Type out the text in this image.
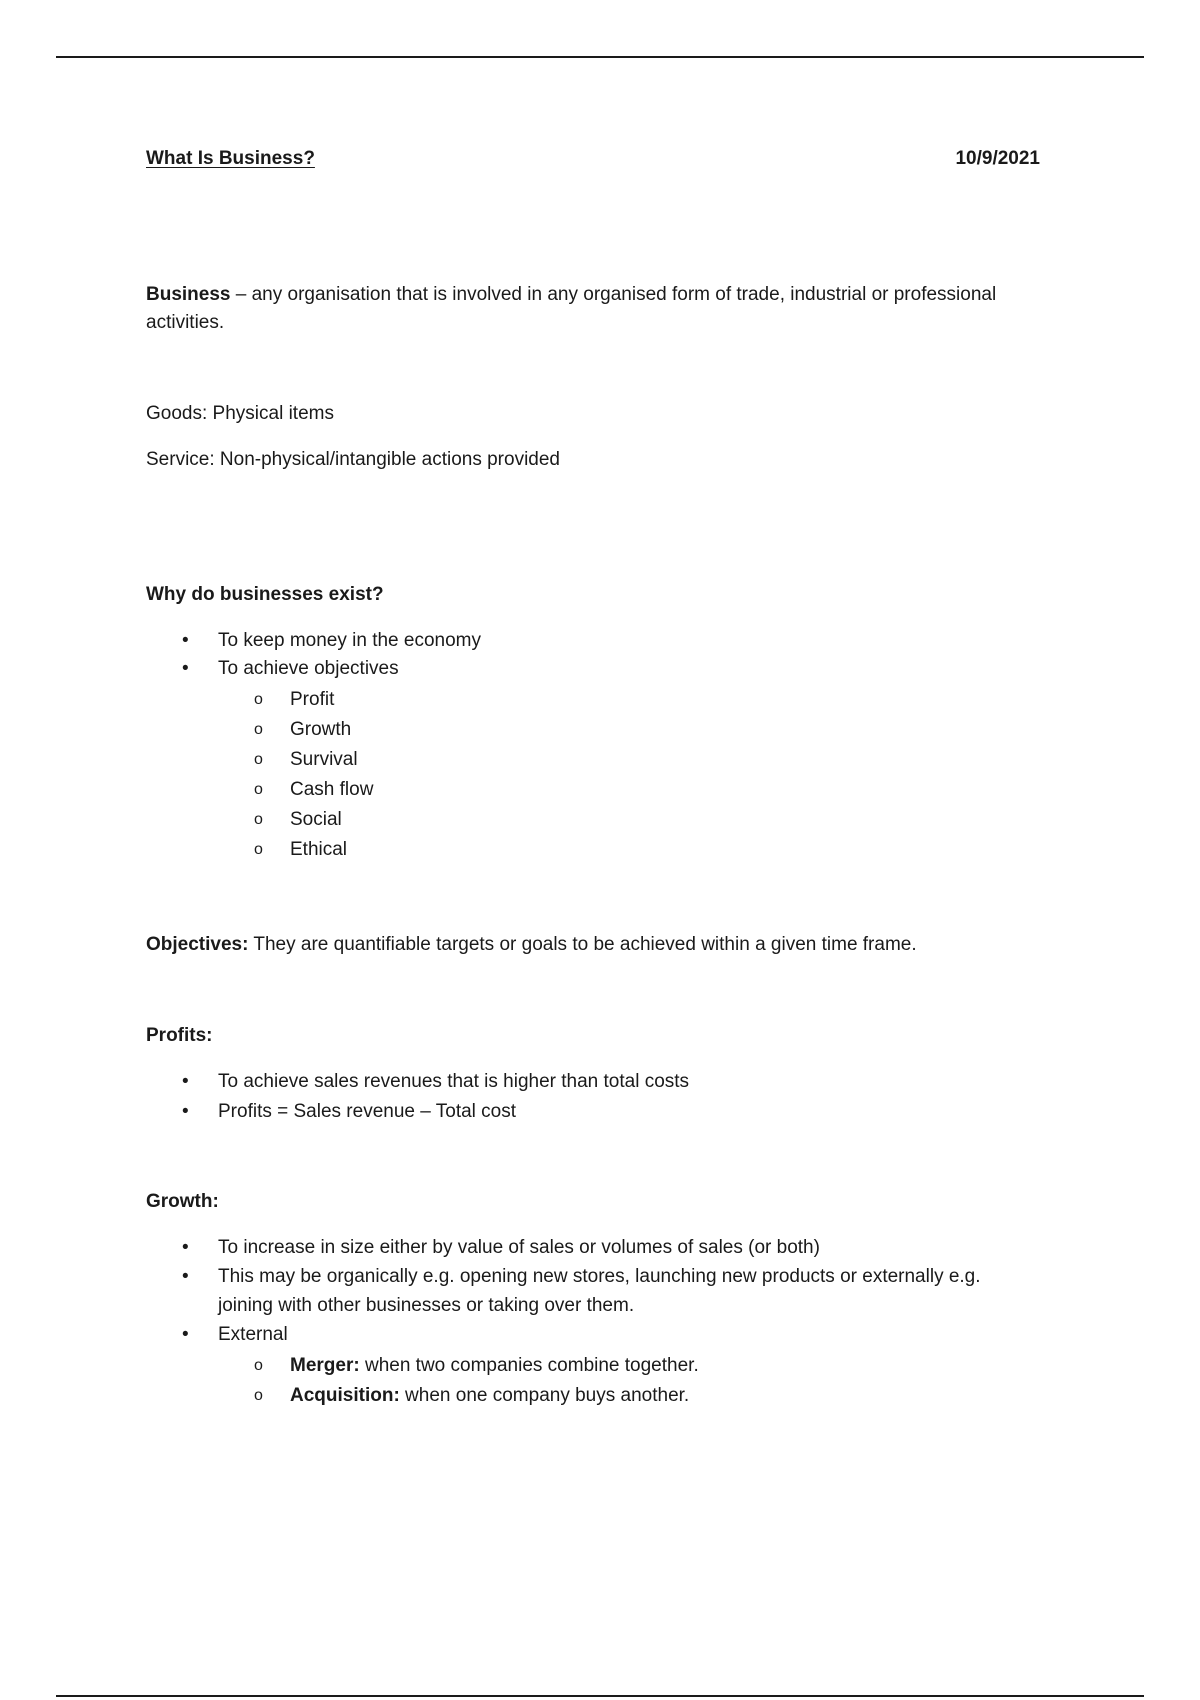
What Is Business?	10/9/2021
Business – any organisation that is involved in any organised form of trade, industrial or professional activities.
Goods: Physical items
Service: Non-physical/intangible actions provided
Why do businesses exist?
• To keep money in the economy
• To achieve objectives
o Profit
o Growth
o Survival
o Cash flow
o Social
o Ethical
Objectives: They are quantifiable targets or goals to be achieved within a given time frame.
Profits:
• To achieve sales revenues that is higher than total costs
• Profits = Sales revenue – Total cost
Growth:
• To increase in size either by value of sales or volumes of sales (or both)
• This may be organically e.g. opening new stores, launching new products or externally e.g. joining with other businesses or taking over them.
• External
o Merger: when two companies combine together.
o Acquisition: when one company buys another.
